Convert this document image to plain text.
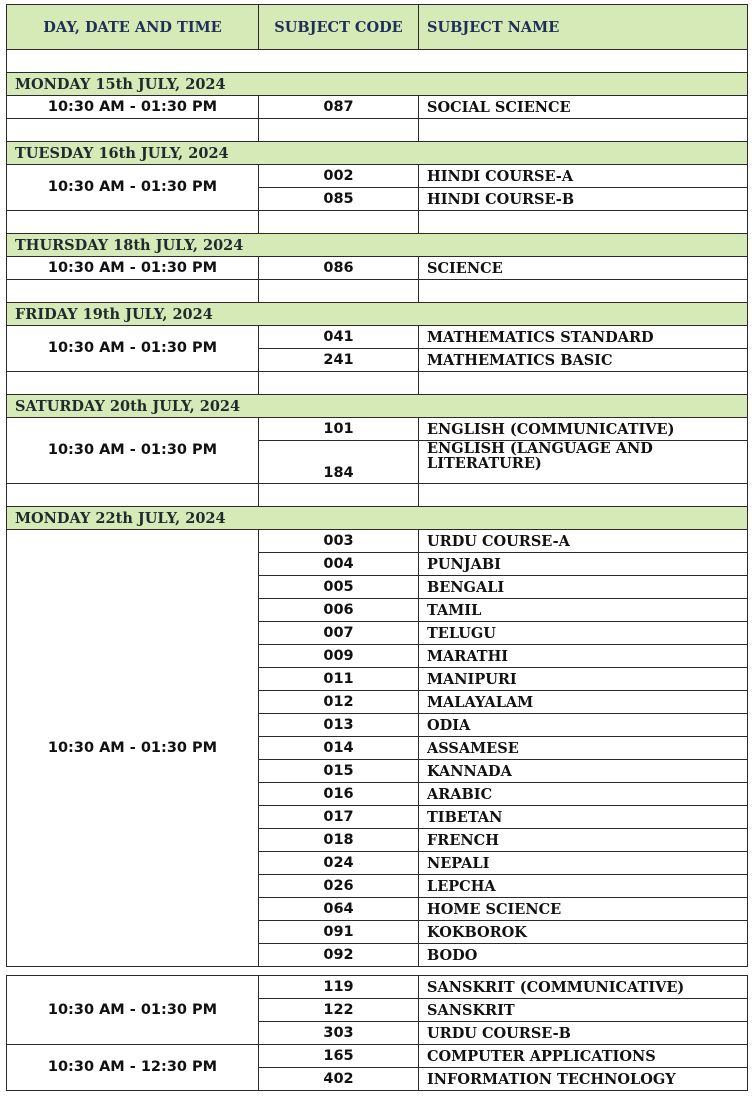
DAY, DATE AND TIME	SUBJECT CODE	SUBJECT NAME

MONDAY 15th JULY, 2024		
10:30 AM - 01:30 PM	087	SOCIAL SCIENCE

TUESDAY 16th JULY, 2024		
10:30 AM - 01:30 PM	002	HINDI COURSE-A
	085	HINDI COURSE-B

THURSDAY 18th JULY, 2024		
10:30 AM - 01:30 PM	086	SCIENCE

FRIDAY 19th JULY, 2024		
10:30 AM - 01:30 PM	041	MATHEMATICS STANDARD
	241	MATHEMATICS BASIC

SATURDAY 20th JULY, 2024		
10:30 AM - 01:30 PM	101	ENGLISH (COMMUNICATIVE)
	184	ENGLISH (LANGUAGE AND LITERATURE)

MONDAY 22th JULY, 2024		
10:30 AM - 01:30 PM	003	URDU COURSE-A
	004	PUNJABI
	005	BENGALI
	006	TAMIL
	007	TELUGU
	009	MARATHI
	011	MANIPURI
	012	MALAYALAM
	013	ODIA
	014	ASSAMESE
	015	KANNADA
	016	ARABIC
	017	TIBETAN
	018	FRENCH
	024	NEPALI
	026	LEPCHA
	064	HOME SCIENCE
	091	KOKBOROK
	092	BODO
10:30 AM - 01:30 PM	119	SANSKRIT (COMMUNICATIVE)
	122	SANSKRIT
	303	URDU COURSE-B
10:30 AM - 12:30 PM	165	COMPUTER APPLICATIONS
	402	INFORMATION TECHNOLOGY
